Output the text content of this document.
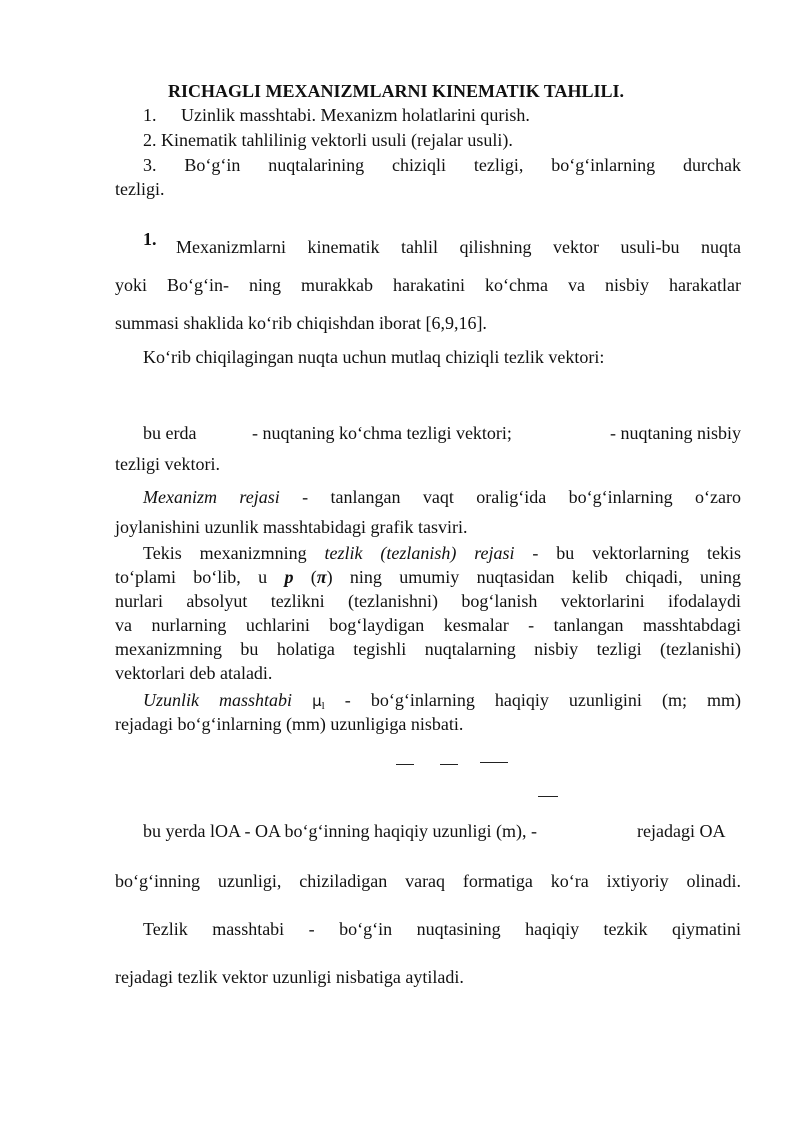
RICHAGLI MEXANIZMLARNI KINEMATIK TAHLILI.
1. Uzinlik masshtabi. Mexanizm holatlarini qurish.
2. Kinematik tahlilinig vektorli usuli (rejalar usuli).
3. Bo‘g‘in nuqtalarining chiziqli tezligi, bo‘g‘inlarning durchak
tezligi.
1. Mexanizmlarni kinematik tahlil qilishning vektor usuli-bu nuqta
yoki Bo‘g‘in- ning murakkab harakatini ko‘chma va nisbiy harakatlar
summasi shaklida ko‘rib chiqishdan iborat [6,9,16].
Ko‘rib chiqilagingan nuqta uchun mutlaq chiziqli tezlik vektori:
bu erda	- nuqtaning ko‘chma tezligi vektori;	- nuqtaning nisbiy
tezligi vektori.
Mexanizm rejasi - tanlangan vaqt oralig‘ida bo‘g‘inlarning o‘zaro
joylanishini uzunlik masshtabidagi grafik tasviri.
Tekis mexanizmning tezlik (tezlanish) rejasi - bu vektorlarning tekis
to‘plami bo‘lib, u p (π) ning umumiy nuqtasidan kelib chiqadi, uning
nurlari absolyut tezlikni (tezlanishni) bog‘lanish vektorlarini ifodalaydi
va nurlarning uchlarini bog‘laydigan kesmalar - tanlangan masshtabdagi
mexanizmning bu holatiga tegishli nuqtalarning nisbiy tezligi (tezlanishi)
vektorlari deb ataladi.
Uzunlik masshtabi $\mu_l$ - bo‘g‘inlarning haqiqiy uzunligini (m; mm)
rejadagi bo‘g‘inlarning (mm) uzunligiga nisbati.
bu yerda lOA - OA bo‘g‘inning haqiqiy uzunligi (m), -	rejadagi OA
bo‘g‘inning uzunligi, chiziladigan varaq formatiga ko‘ra ixtiyoriy olinadi.
Tezlik masshtabi - bo‘g‘in nuqtasining haqiqiy tezkik qiymatini
rejadagi tezlik vektor uzunligi nisbatiga aytiladi.
